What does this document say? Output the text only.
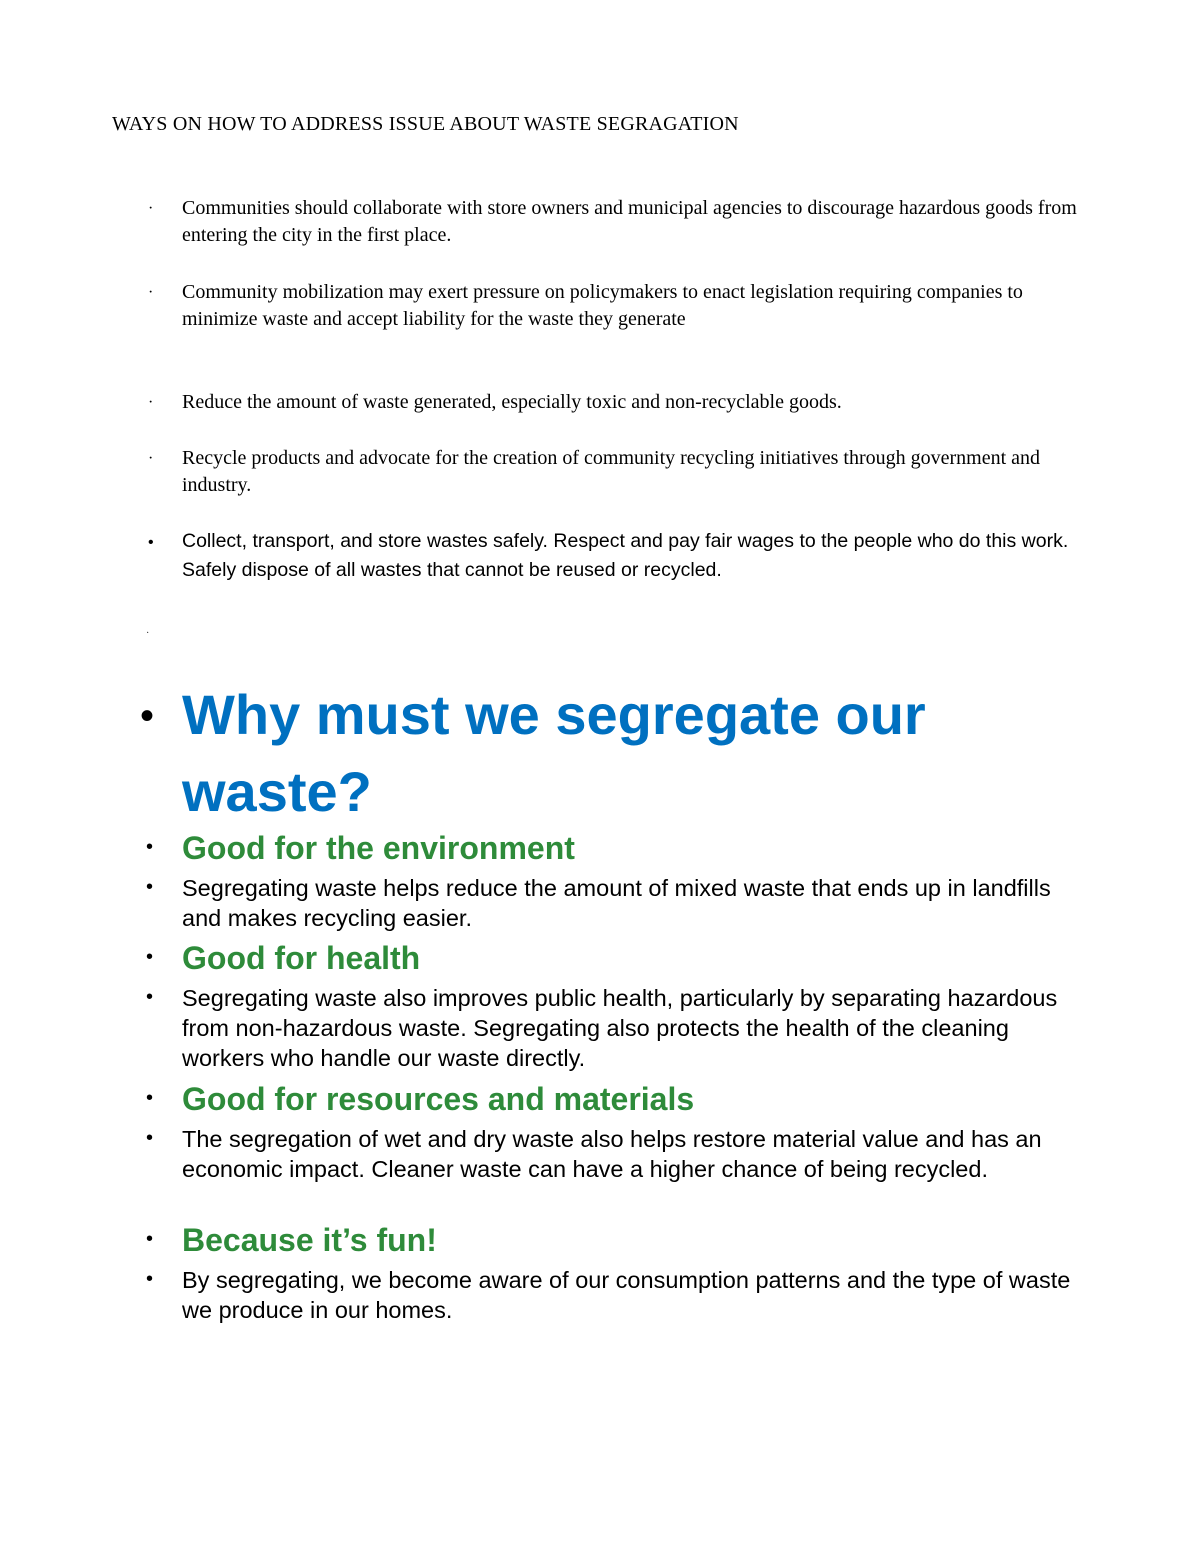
WAYS ON HOW TO ADDRESS ISSUE ABOUT WASTE SEGRAGATION
· Communities should collaborate with store owners and municipal agencies to discourage hazardous goods from entering the city in the first place.
· Community mobilization may exert pressure on policymakers to enact legislation requiring companies to minimize waste and accept liability for the waste they generate
· Reduce the amount of waste generated, especially toxic and non-recyclable goods.
· Recycle products and advocate for the creation of community recycling initiatives through government and industry.
• Collect, transport, and store wastes safely. Respect and pay fair wages to the people who do this work. Safely dispose of all wastes that cannot be reused or recycled.
·
• Why must we segregate our waste?
• Good for the environment
• Segregating waste helps reduce the amount of mixed waste that ends up in landfills and makes recycling easier.
• Good for health
• Segregating waste also improves public health, particularly by separating hazardous from non-hazardous waste. Segregating also protects the health of the cleaning workers who handle our waste directly.
• Good for resources and materials
• The segregation of wet and dry waste also helps restore material value and has an economic impact. Cleaner waste can have a higher chance of being recycled.
• Because it’s fun!
• By segregating, we become aware of our consumption patterns and the type of waste we produce in our homes.
